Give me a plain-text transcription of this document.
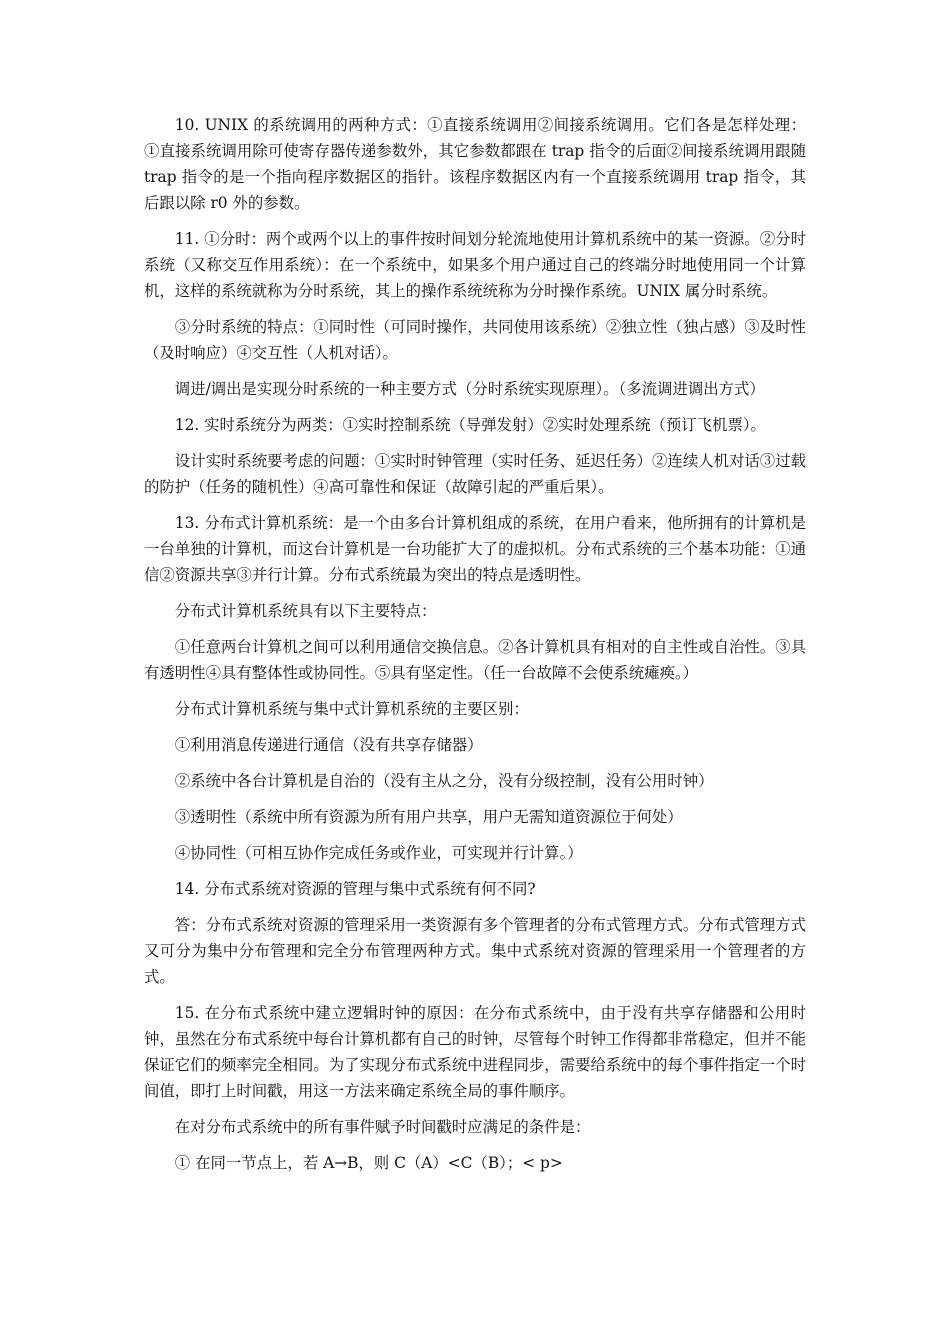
10. UNIX 的系统调用的两种方式：①直接系统调用②间接系统调用。它们各是怎样处理：①直接系统调用除可使寄存器传递参数外，其它参数都跟在 trap 指令的后面②间接系统调用跟随 trap 指令的是一个指向程序数据区的指针。该程序数据区内有一个直接系统调用 trap 指令，其后跟以除 r0 外的参数。

11. ①分时：两个或两个以上的事件按时间划分轮流地使用计算机系统中的某一资源。②分时系统（又称交互作用系统）：在一个系统中，如果多个用户通过自己的终端分时地使用同一个计算机，这样的系统就称为分时系统，其上的操作系统统称为分时操作系统。UNIX 属分时系统。

③分时系统的特点：①同时性（可同时操作，共同使用该系统）②独立性（独占感）③及时性（及时响应）④交互性（人机对话）。

调进/调出是实现分时系统的一种主要方式（分时系统实现原理）。（多流调进调出方式）

12. 实时系统分为两类：①实时控制系统（导弹发射）②实时处理系统（预订飞机票）。

设计实时系统要考虑的问题：①实时时钟管理（实时任务、延迟任务）②连续人机对话③过载的防护（任务的随机性）④高可靠性和保证（故障引起的严重后果）。

13. 分布式计算机系统：是一个由多台计算机组成的系统，在用户看来，他所拥有的计算机是一台单独的计算机，而这台计算机是一台功能扩大了的虚拟机。分布式系统的三个基本功能：①通信②资源共享③并行计算。分布式系统最为突出的特点是透明性。

分布式计算机系统具有以下主要特点：

①任意两台计算机之间可以利用通信交换信息。②各计算机具有相对的自主性或自治性。③具有透明性④具有整体性或协同性。⑤具有坚定性。（任一台故障不会使系统瘫痪。）

分布式计算机系统与集中式计算机系统的主要区别：

①利用消息传递进行通信（没有共享存储器）

②系统中各台计算机是自治的（没有主从之分，没有分级控制，没有公用时钟）

③透明性（系统中所有资源为所有用户共享，用户无需知道资源位于何处）

④协同性（可相互协作完成任务或作业，可实现并行计算。）

14. 分布式系统对资源的管理与集中式系统有何不同?

答：分布式系统对资源的管理采用一类资源有多个管理者的分布式管理方式。分布式管理方式又可分为集中分布管理和完全分布管理两种方式。集中式系统对资源的管理采用一个管理者的方式。

15. 在分布式系统中建立逻辑时钟的原因：在分布式系统中，由于没有共享存储器和公用时钟，虽然在分布式系统中每台计算机都有自己的时钟，尽管每个时钟工作得都非常稳定，但并不能保证它们的频率完全相同。为了实现分布式系统中进程同步，需要给系统中的每个事件指定一个时间值，即打上时间戳，用这一方法来确定系统全局的事件顺序。

在对分布式系统中的所有事件赋予时间戳时应满足的条件是：

① 在同一节点上，若 A→B，则 C（A）<C（B）；< p>
